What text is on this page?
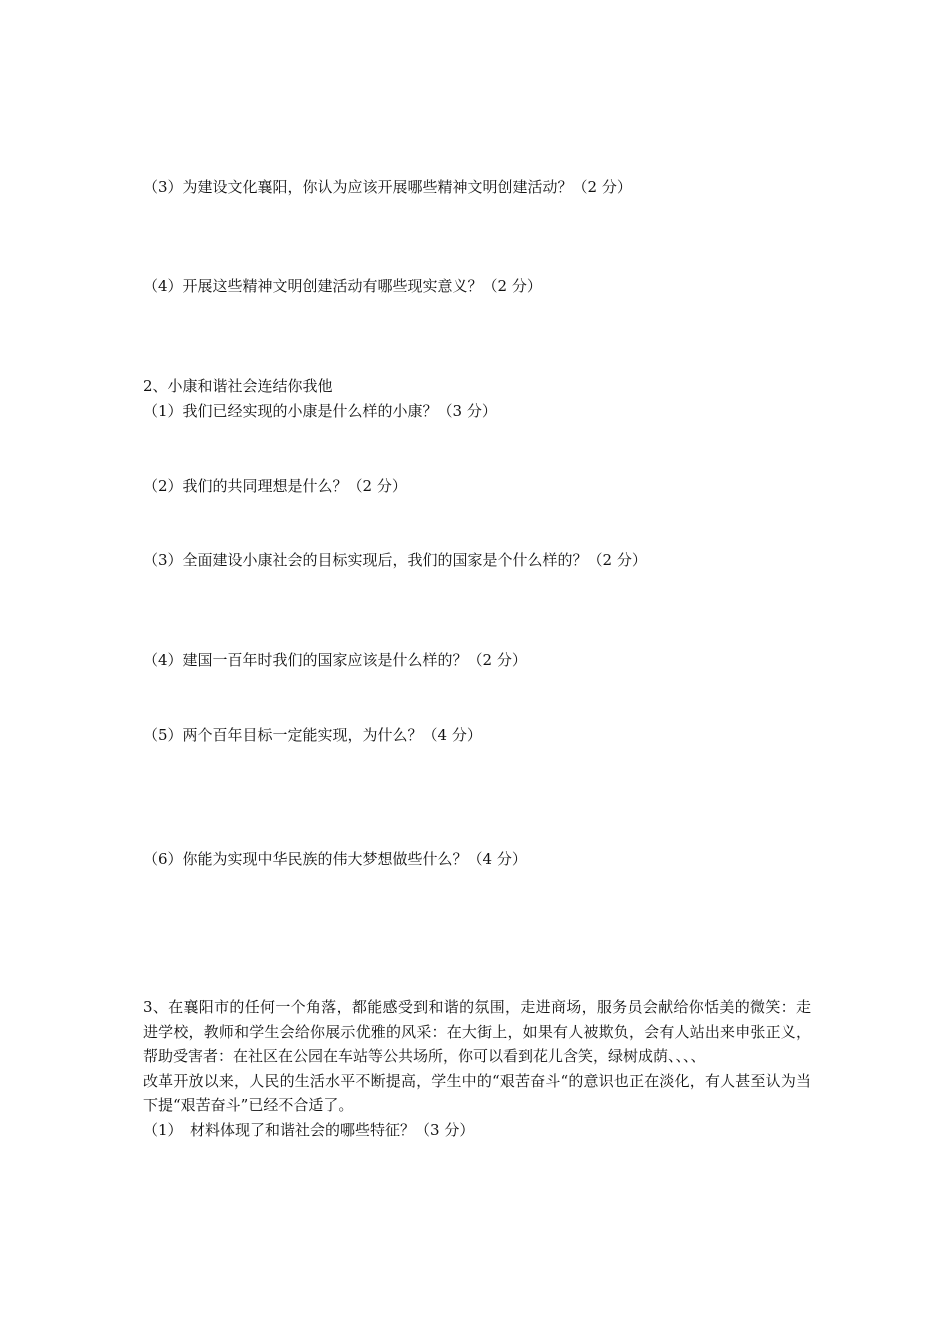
（3）为建设文化襄阳，你认为应该开展哪些精神文明创建活动？（2 分）
（4）开展这些精神文明创建活动有哪些现实意义？（2 分）
2、小康和谐社会连结你我他
（1）我们已经实现的小康是什么样的小康？（3 分）
（2）我们的共同理想是什么？（2 分）
（3）全面建设小康社会的目标实现后，我们的国家是个什么样的？（2 分）
（4）建国一百年时我们的国家应该是什么样的？（2 分）
（5）两个百年目标一定能实现，为什么？（4 分）
（6）你能为实现中华民族的伟大梦想做些什么？（4 分）

3、在襄阳市的任何一个角落，都能感受到和谐的氛围，走进商场，服务员会献给你恬美的微笑：走进学校，教师和学生会给你展示优雅的风采：在大街上，如果有人被欺负，会有人站出来申张正义，帮助受害者：在社区在公园在车站等公共场所，你可以看到花儿含笑，绿树成荫、、、、

改革开放以来，人民的生活水平不断提高，学生中的“艰苦奋斗“的意识也正在淡化，有人甚至认为当下提“艰苦奋斗”已经不合适了。

（1）　材料体现了和谐社会的哪些特征？（3 分）
